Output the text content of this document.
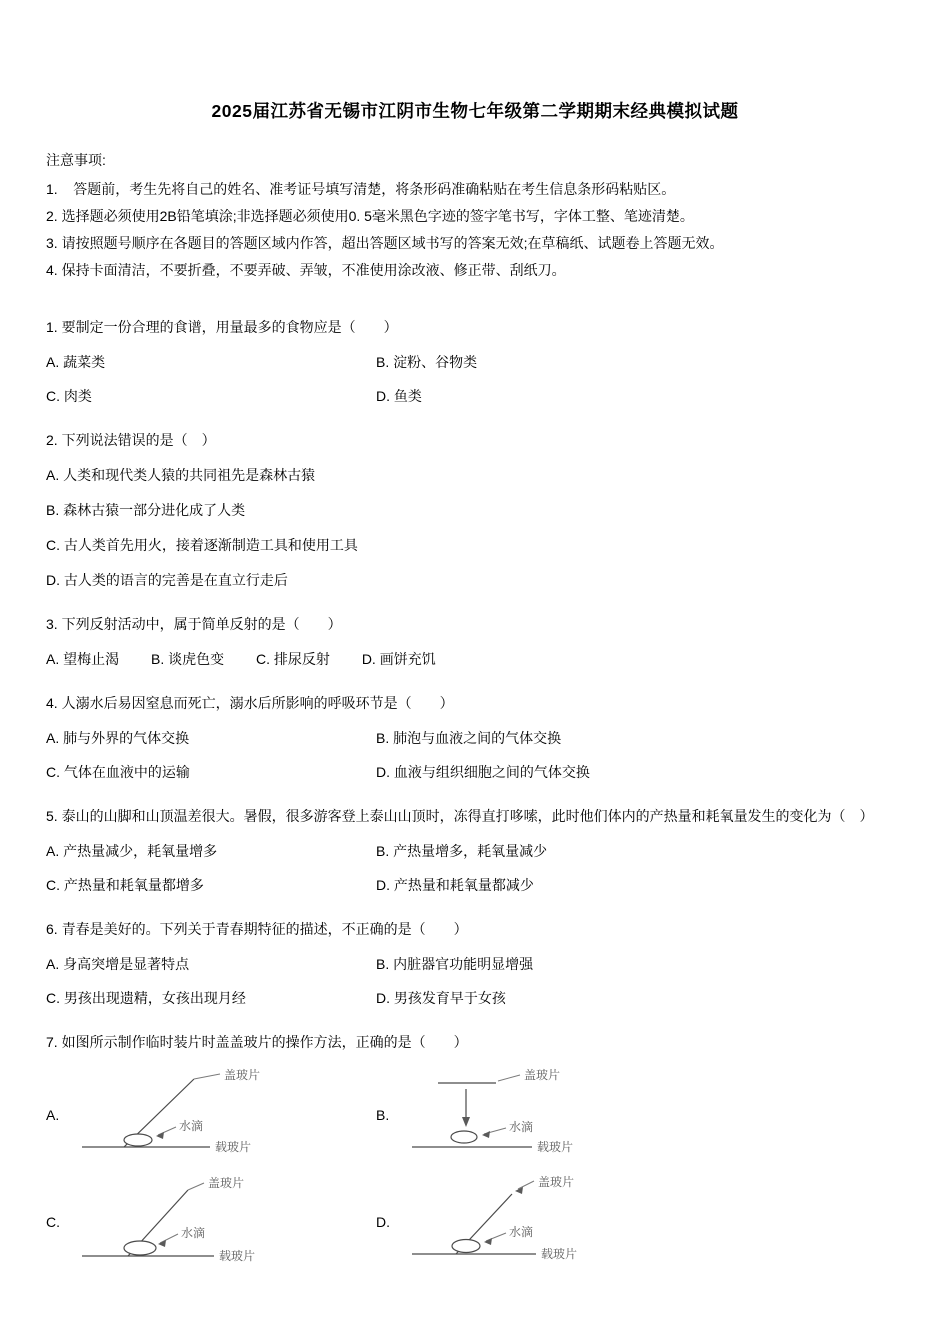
2025届江苏省无锡市江阴市生物七年级第二学期期末经典模拟试题
注意事项:
1.    答题前，考生先将自己的姓名、准考证号填写清楚，将条形码准确粘贴在考生信息条形码粘贴区。
2. 选择题必须使用2B铅笔填涂;非选择题必须使用0. 5毫米黑色字迹的签字笔书写，字体工整、笔迹清楚。
3. 请按照题号顺序在各题目的答题区域内作答，超出答题区域书写的答案无效;在草稿纸、试题卷上答题无效。
4. 保持卡面清洁，不要折叠，不要弄破、弄皱，不准使用涂改液、修正带、刮纸刀。
1. 要制定一份合理的食谱，用量最多的食物应是（　　）
A. 蔬菜类	B. 淀粉、谷物类
C. 肉类	D. 鱼类
2. 下列说法错误的是（　）
A. 人类和现代类人猿的共同祖先是森林古猿
B. 森林古猿一部分进化成了人类
C. 古人类首先用火，接着逐渐制造工具和使用工具
D. 古人类的语言的完善是在直立行走后
3. 下列反射活动中，属于简单反射的是（　　）
A. 望梅止渴 B. 谈虎色变 C. 排尿反射 D. 画饼充饥
4. 人溺水后易因窒息而死亡，溺水后所影响的呼吸环节是（　　）
A. 肺与外界的气体交换	B. 肺泡与血液之间的气体交换
C. 气体在血液中的运输	D. 血液与组织细胞之间的气体交换
5. 泰山的山脚和山顶温差很大。暑假，很多游客登上泰山山顶时，冻得直打哆嗦，此时他们体内的产热量和耗氧量发生的变化为（　）
A. 产热量减少，耗氧量增多	B. 产热量增多，耗氧量减少
C. 产热量和耗氧量都增多	D. 产热量和耗氧量都减少
6. 青春是美好的。下列关于青春期特征的描述，不正确的是（　　）
A. 身高突增是显著特点	B. 内脏器官功能明显增强
C. 男孩出现遗精，女孩出现月经	D. 男孩发育早于女孩
7. 如图所示制作临时装片时盖盖玻片的操作方法，正确的是（　　）
A.
盖玻片
水滴
载玻片
B.
盖玻片
水滴
载玻片
C.
盖玻片
水滴
载玻片
D.
盖玻片
水滴
载玻片
